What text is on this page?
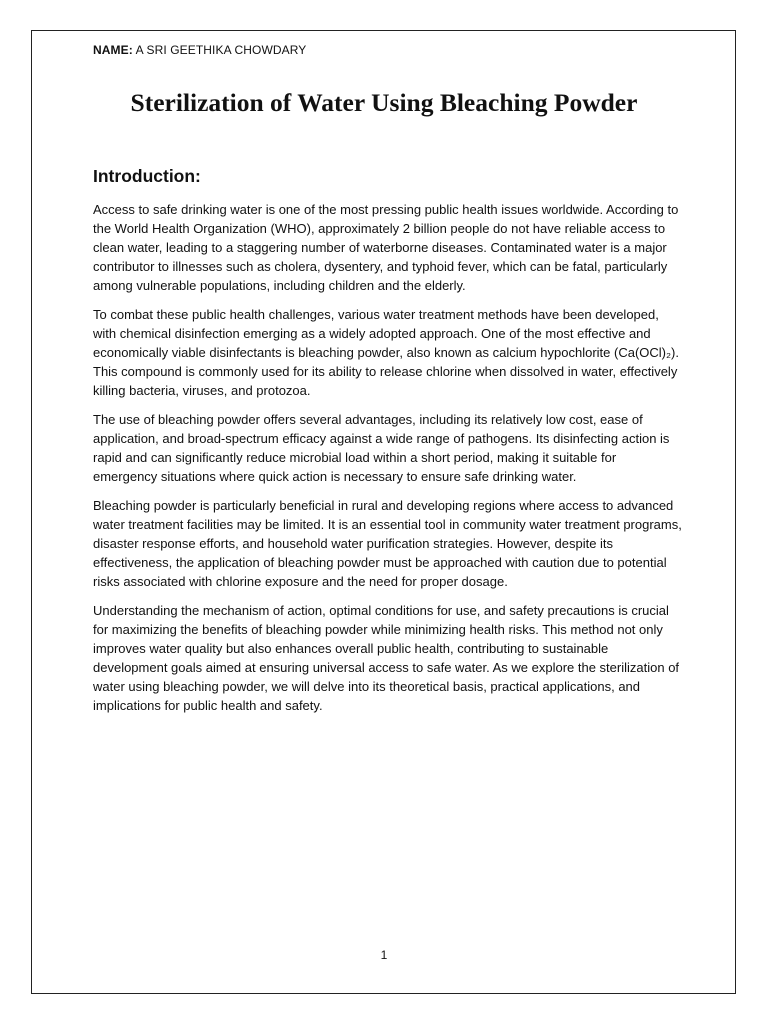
NAME: A SRI GEETHIKA CHOWDARY
Sterilization of Water Using Bleaching Powder
Introduction:

Access to safe drinking water is one of the most pressing public health issues worldwide. According to the World Health Organization (WHO), approximately 2 billion people do not have reliable access to clean water, leading to a staggering number of waterborne diseases. Contaminated water is a major contributor to illnesses such as cholera, dysentery, and typhoid fever, which can be fatal, particularly among vulnerable populations, including children and the elderly.

To combat these public health challenges, various water treatment methods have been developed, with chemical disinfection emerging as a widely adopted approach. One of the most effective and economically viable disinfectants is bleaching powder, also known as calcium hypochlorite (Ca(OCl)₂). This compound is commonly used for its ability to release chlorine when dissolved in water, effectively killing bacteria, viruses, and protozoa.

The use of bleaching powder offers several advantages, including its relatively low cost, ease of application, and broad-spectrum efficacy against a wide range of pathogens. Its disinfecting action is rapid and can significantly reduce microbial load within a short period, making it suitable for emergency situations where quick action is necessary to ensure safe drinking water.

Bleaching powder is particularly beneficial in rural and developing regions where access to advanced water treatment facilities may be limited. It is an essential tool in community water treatment programs, disaster response efforts, and household water purification strategies. However, despite its effectiveness, the application of bleaching powder must be approached with caution due to potential risks associated with chlorine exposure and the need for proper dosage.

Understanding the mechanism of action, optimal conditions for use, and safety precautions is crucial for maximizing the benefits of bleaching powder while minimizing health risks. This method not only improves water quality but also enhances overall public health, contributing to sustainable development goals aimed at ensuring universal access to safe water. As we explore the sterilization of water using bleaching powder, we will delve into its theoretical basis, practical applications, and implications for public health and safety.

1
